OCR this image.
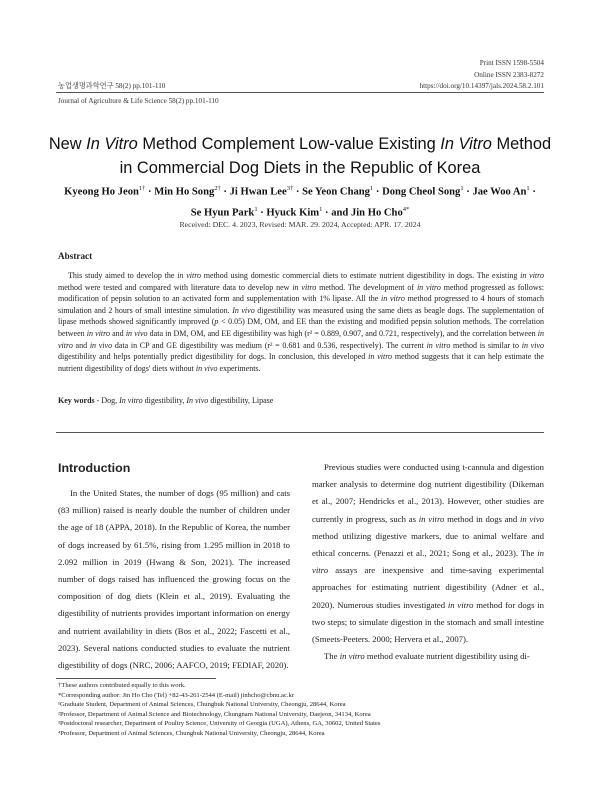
Print ISSN 1598-5504
Online ISSN 2383-8272
농업생명과학연구 58(2) pp.101-110	https://doi.org/10.14397/jals.2024.58.2.101
Journal of Agriculture & Life Science 58(2) pp.101-110
New In Vitro Method Complement Low-value Existing In Vitro Method
in Commercial Dog Diets in the Republic of Korea
Kyeong Ho Jeon$^{1\dagger}$ · Min Ho Song$^{2\dagger}$ · Ji Hwan Lee$^{3\dagger}$ · Se Yeon Chang$^1$ · Dong Cheol Song$^1$ · Jae Woo $An^1$ ·
Se Hyun Park$^1$ · Hyuck Kim$^1$ · and Jin Ho Cho$^{4*}$
Received: DEC. 4. 2023, Revised: MAR. 29. 2024, Accepted: APR. 17. 2024
Abstract
This study aimed to develop the in vitro method using domestic commercial diets to estimate nutrient digestibility in dogs. The existing in vitro method were tested and compared with literature data to develop new in vitro method. The development of in vitro method progressed as follows: modification of pepsin solution to an activated form and supplementation with 1% lipase. All the in vitro method progressed to 4 hours of stomach simulation and 2 hours of small intestine simulation. In vivo digestibility was measured using the same diets as beagle dogs. The supplementation of lipase methods showed significantly improved (p < 0.05) DM, OM, and EE than the existing and modified pepsin solution methods. The correlation between in vitro and in vivo data in DM, OM, and EE digestibility was high (r² = 0.889, 0.907, and 0.721, respectively), and the correlation between in vitro and in vivo data in CP and GE digestibility was medium (r² = 0.681 and 0.536, respectively). The current in vitro method is similar to in vivo digestibility and helps potentially predict digestibility for dogs. In conclusion, this developed in vitro method suggests that it can help estimate the nutrient digestibility of dogs' diets without in vivo experiments.
Key words - Dog, In vitro digestibility, In vivo digestibility, Lipase
Introduction
In the United States, the number of dogs (95 million) and cats (83 million) raised is nearly double the number of children under the age of 18 (APPA, 2018). In the Republic of Korea, the number of dogs increased by 61.5%, rising from 1.295 million in 2018 to 2.092 million in 2019 (Hwang & Son, 2021). The increased number of dogs raised has influenced the growing focus on the composition of dog diets (Klein et al., 2019). Evaluating the digestibility of nutrients provides important information on energy and nutrient availability in diets (Bos et al., 2022; Fascetti et al., 2023). Several nations conducted studies to evaluate the nutrient digestibility of dogs (NRC, 2006; AAFCO, 2019; FEDIAF, 2020).
Previous studies were conducted using t-cannula and digestion marker analysis to determine dog nutrient digestibility (Dikeman et al., 2007; Hendricks et al., 2013). However, other studies are currently in progress, such as in vitro method in dogs and in vivo method utilizing digestive markers, due to animal welfare and ethical concerns. (Penazzi et al., 2021; Song et al., 2023). The in vitro assays are inexpensive and time-saving experimental approaches for estimating nutrient digestibility (Adner et al., 2020). Numerous studies investigated in vitro method for dogs in two steps; to simulate digestion in the stomach and small intestine (Smeets-Peeters. 2000; Hervera et al., 2007).
The in vitro method evaluate nutrient digestibility using di-
†These authors contributed equally to this work.
*Corresponding author: Jin Ho Cho (Tel) +82-43-261-2544 (E-mail) jinhcho@cbnu.ac.kr
¹Graduate Student, Department of Animal Sciences, Chungbuk National University, Cheongju, 28644, Korea
²Professor, Department of Animal Science and Biotechnology, Chungnam National University, Daejeon, 34134, Korea
³Postdoctoral researcher, Department of Poultry Science, University of Georgia (UGA), Athens, GA, 30602, United States
⁴Professor, Department of Animal Sciences, Chungbuk National University, Cheongju, 28644, Korea
